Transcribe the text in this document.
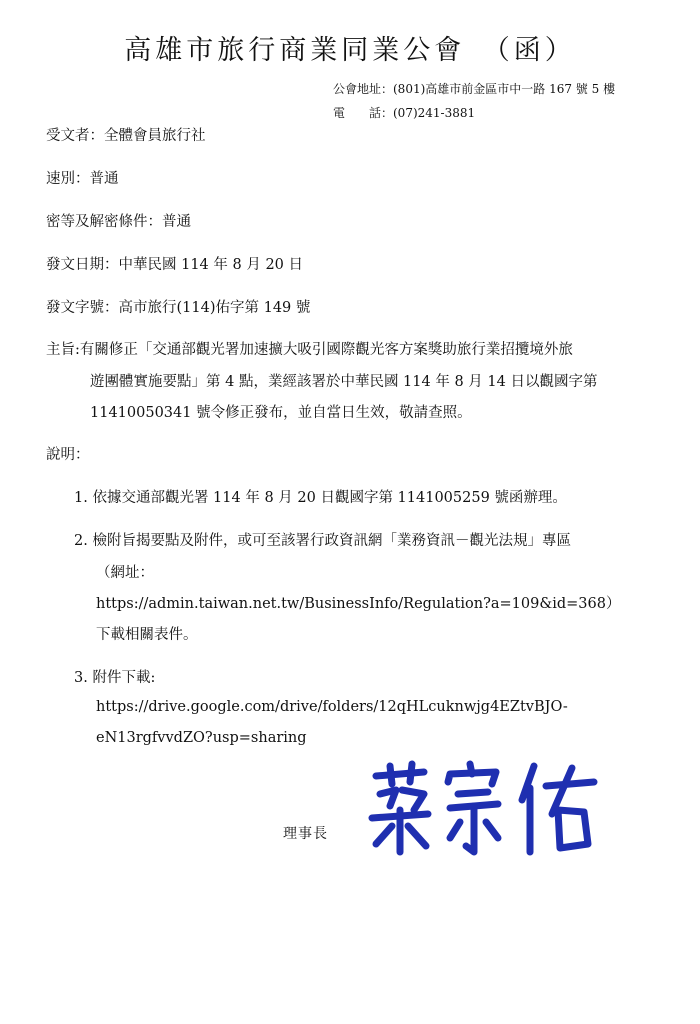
高雄市旅行商業同業公會　（函）
公會地址：(801)高雄市前金區市中一路 167 號 5 樓
電　　話：(07)241-3881
受文者：全體會員旅行社
速別：普通
密等及解密條件：普通
發文日期：中華民國 114 年 8 月 20 日
發文字號：高市旅行(114)佑字第 149 號
主旨:有關修正「交通部觀光署加速擴大吸引國際觀光客方案獎助旅行業招攬境外旅
遊團體實施要點」第 4 點，業經該署於中華民國 114 年 8 月 14 日以觀國字第
11410050341 號令修正發布，並自當日生效，敬請查照。
說明：
1. 依據交通部觀光署 114 年 8 月 20 日觀國字第 1141005259 號函辦理。
2. 檢附旨揭要點及附件，或可至該署行政資訊網「業務資訊－觀光法規」專區
（網址：
https://admin.taiwan.net.tw/BusinessInfo/Regulation?a=109&id=368）
下載相關表件。
3. 附件下載:
https://drive.google.com/drive/folders/12qHLcuknwjg4EZtvBJO-
eN13rgfvvdZO?usp=sharing
理事長
